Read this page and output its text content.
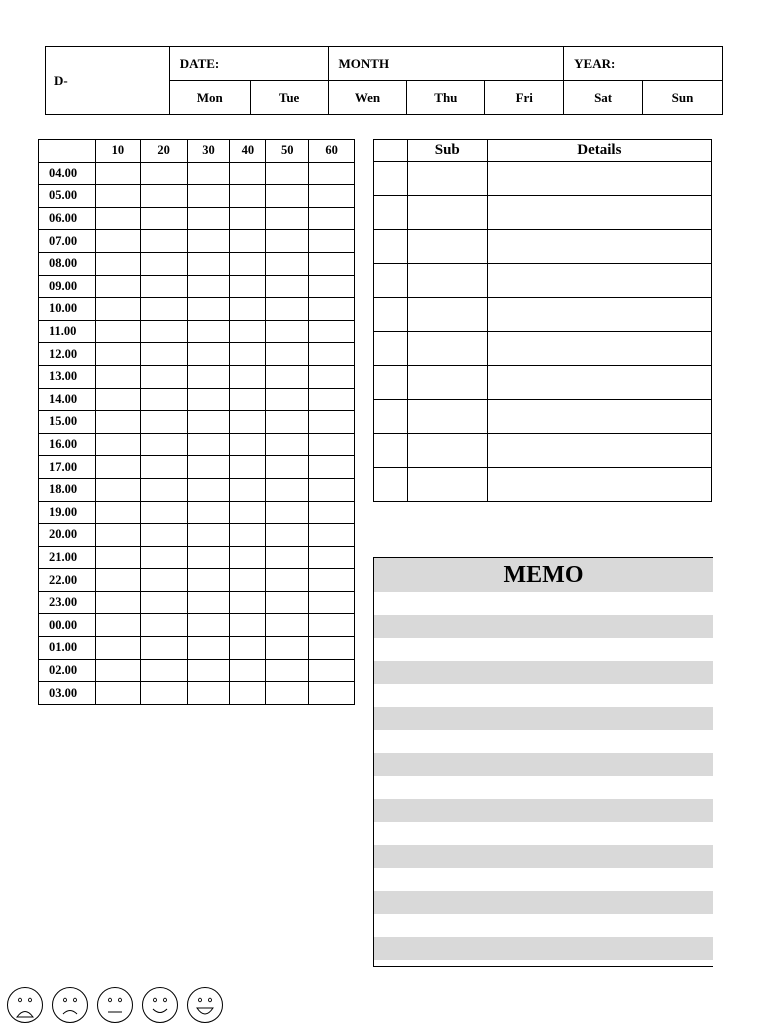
D-	DATE:		MONTH			YEAR:	
	Mon	Tue	Wen	Thu	Fri	Sat	Sun
	10	20	30	40	50	60
04.00						
05.00						
06.00						
07.00						
08.00						
09.00						
10.00						
11.00						
12.00						
13.00						
14.00						
15.00						
16.00						
17.00						
18.00						
19.00						
20.00						
21.00						
22.00						
23.00						
00.00						
01.00						
02.00						
03.00						
	Sub	Details

MEMO
